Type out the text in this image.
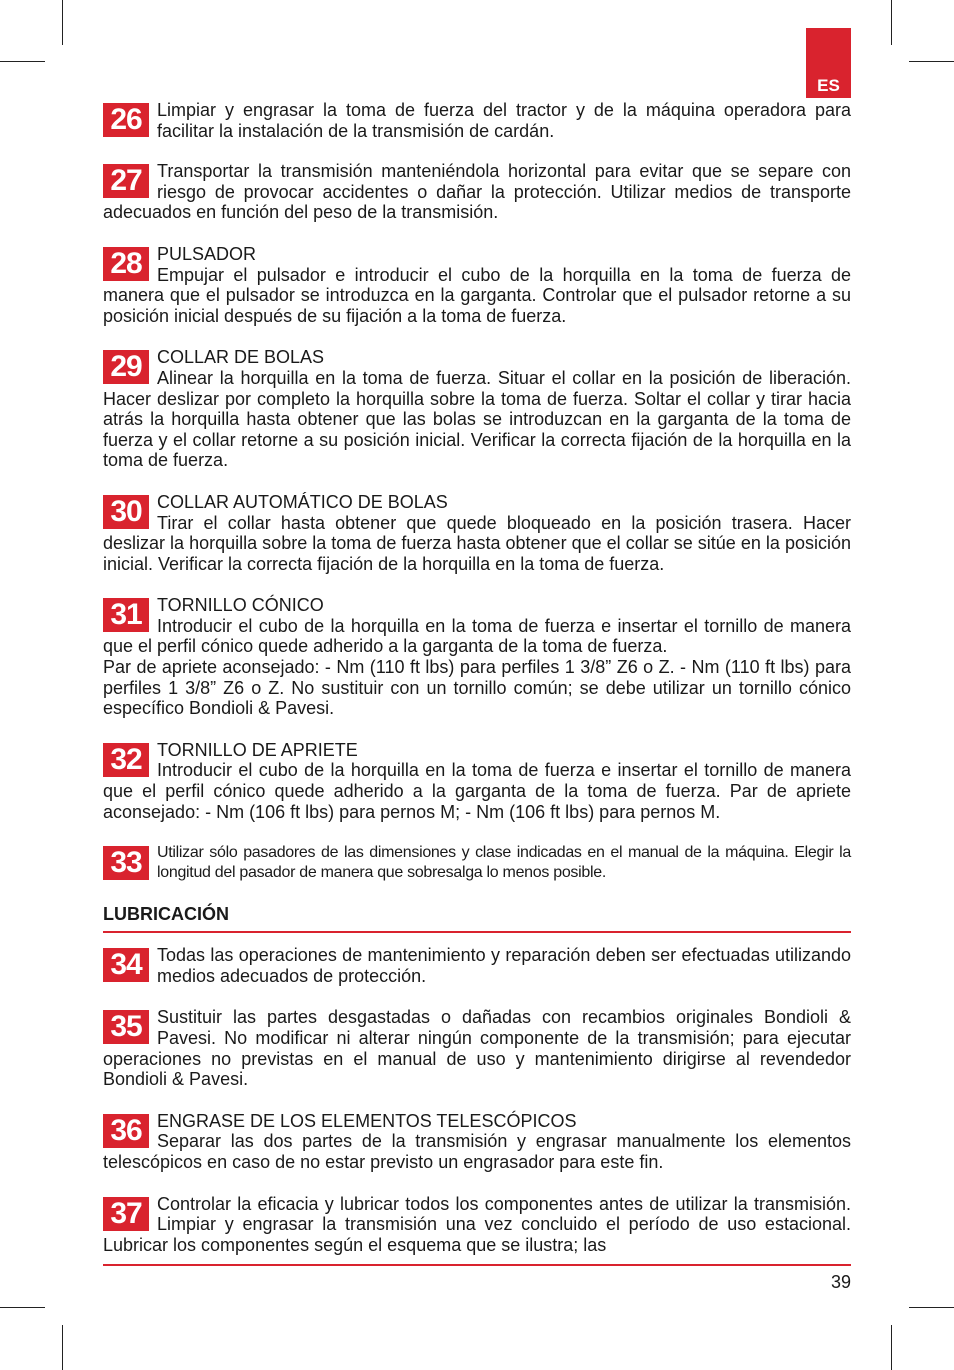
ES
26 Limpiar y engrasar la toma de fuerza del tractor y de la máquina operadora para facilitar la instalación de la transmisión de cardán.
27 Transportar la transmisión manteniéndola horizontal para evitar que se separe con riesgo de provocar accidentes o dañar la protección. Utilizar medios de transporte adecuados en función del peso de la transmisión.
28 PULSADOR
Empujar el pulsador e introducir el cubo de la horquilla en la toma de fuerza de manera que el pulsador se introduzca en la garganta. Controlar que el pulsador retorne a su posición inicial después de su fijación a la toma de fuerza.
29 COLLAR DE BOLAS
Alinear la horquilla en la toma de fuerza. Situar el collar en la posición de liberación. Hacer deslizar por completo la horquilla sobre la toma de fuerza. Soltar el collar y tirar hacia atrás la horquilla hasta obtener que las bolas se introduzcan en la garganta de la toma de fuerza y el collar retorne a su posición inicial. Verificar la correcta fijación de la horquilla en la toma de fuerza.
30 COLLAR AUTOMÁTICO DE BOLAS
Tirar el collar hasta obtener que quede bloqueado en la posición trasera. Hacer deslizar la horquilla sobre la toma de fuerza hasta obtener que el collar se sitúe en la posición inicial. Verificar la correcta fijación de la horquilla en la toma de fuerza.
31 TORNILLO CÓNICO
Introducir el cubo de la horquilla en la toma de fuerza e insertar el tornillo de manera que el perfil cónico quede adherido a la garganta de la toma de fuerza.
Par de apriete aconsejado: - Nm (110 ft lbs) para perfiles 1 3/8” Z6 o Z. - Nm (110 ft lbs) para perfiles 1 3/8” Z6 o Z. No sustituir con un tornillo común; se debe utilizar un tornillo cónico específico Bondioli & Pavesi.
32 TORNILLO DE APRIETE
Introducir el cubo de la horquilla en la toma de fuerza e insertar el tornillo de manera que el perfil cónico quede adherido a la garganta de la toma de fuerza. Par de apriete aconsejado: - Nm (106 ft lbs) para pernos M; - Nm (106 ft lbs) para pernos M.
33 Utilizar sólo pasadores de las dimensiones y clase indicadas en el manual de la máquina. Elegir la longitud del pasador de manera que sobresalga lo menos posible.
LUBRICACIÓN
34 Todas las operaciones de mantenimiento y reparación deben ser efectuadas utilizando medios adecuados de protección.
35 Sustituir las partes desgastadas o dañadas con recambios originales Bondioli & Pavesi. No modificar ni alterar ningún componente de la transmisión; para ejecutar operaciones no previstas en el manual de uso y mantenimiento dirigirse al revendedor Bondioli & Pavesi.
36 ENGRASE DE LOS ELEMENTOS TELESCÓPICOS
Separar las dos partes de la transmisión y engrasar manualmente los elementos telescópicos en caso de no estar previsto un engrasador para este fin.
37 Controlar la eficacia y lubricar todos los componentes antes de utilizar la transmisión. Limpiar y engrasar la transmisión una vez concluido el período de uso estacional. Lubricar los componentes según el esquema que se ilustra; las
39
